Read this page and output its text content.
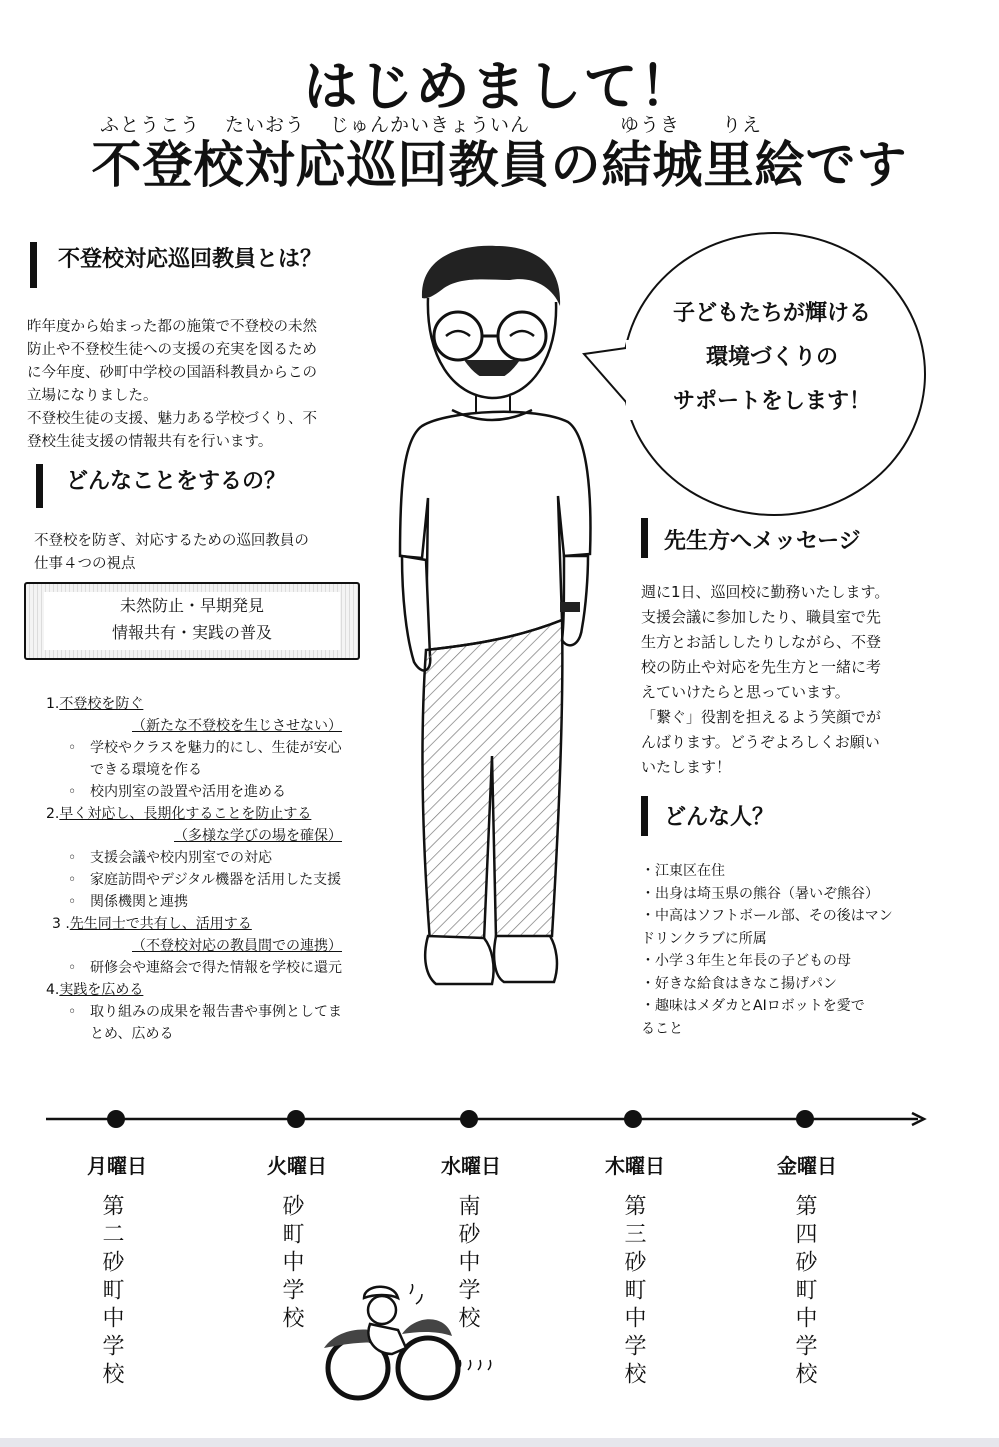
はじめまして！
ふとうこう たいおう じゅんかいきょういん	ゆうき りえ
不登校対応巡回教員の結城里絵です
不登校対応巡回教員とは？
昨年度から始まった都の施策で不登校の未然
防止や不登校生徒への支援の充実を図るため
に今年度、砂町中学校の国語科教員からこの
立場になりました。
不登校生徒の支援、魅力ある学校づくり、不
登校生徒支援の情報共有を行います。
どんなことをするの？
不登校を防ぎ、対応するための巡回教員の
仕事４つの視点
未然防止・早期発見
情報共有・実践の普及
1.不登校を防ぐ
（新たな不登校を生じさせない）
◦ 学校やクラスを魅力的にし、生徒が安心
できる環境を作る
◦ 校内別室の設置や活用を進める
2.早く対応し、長期化することを防止する
（多様な学びの場を確保）
◦ 支援会議や校内別室での対応
◦ 家庭訪問やデジタル機器を活用した支援
◦ 関係機関と連携
3 .先生同士で共有し、活用する
（不登校対応の教員間での連携）
◦ 研修会や連絡会で得た情報を学校に還元
4.実践を広める
◦ 取り組みの成果を報告書や事例としてま
とめ、広める
子どもたちが輝ける
環境づくりの
サポートをします！
先生方へメッセージ
週に1日、巡回校に勤務いたします。
支援会議に参加したり、職員室で先
生方とお話ししたりしながら、不登
校の防止や対応を先生方と一緒に考
えていけたらと思っています。
「繋ぐ」役割を担えるよう笑顔でが
んばります。どうぞよろしくお願い
いたします！
どんな人？
・江東区在住
・出身は埼玉県の熊谷（暑いぞ熊谷）
・中高はソフトボール部、その後はマン
ドリンクラブに所属
・小学３年生と年長の子どもの母
・好きな給食はきなこ揚げパン
・趣味はメダカとAIロボットを愛で
ること
月曜日	火曜日	水曜日	木曜日	金曜日
第二砂町中学校	砂町中学校	南砂中学校	第三砂町中学校	第四砂町中学校
